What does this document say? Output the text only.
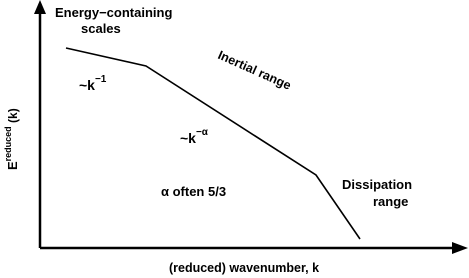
Energy−containing
scales
$E^{reduced}$ (k)
(reduced) wavenumber, k
$\sim k^{-1}$	Inertial range
$\sim k^{-\alpha}$
α often 5/3	Dissipation
range
